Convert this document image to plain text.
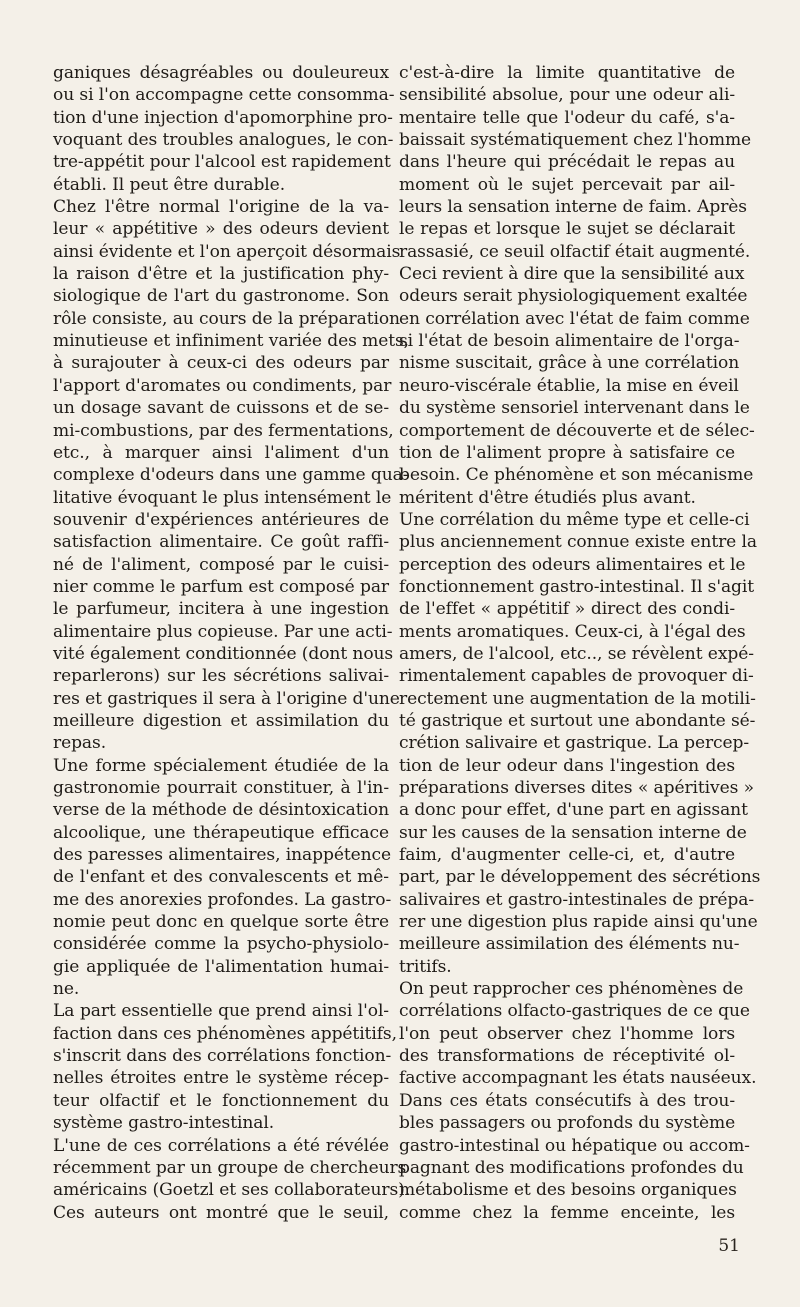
ganiques désagréables ou douleureux
ou si l'on accompagne cette consomma-
tion d'une injection d'apomorphine pro-
voquant des troubles analogues, le con-
tre-appétit pour l'alcool est rapidement
établi. Il peut être durable.
Chez l'être normal l'origine de la va-
leur « appétitive » des odeurs devient
ainsi évidente et l'on aperçoit désormais
la raison d'être et la justification phy-
siologique de l'art du gastronome. Son
rôle consiste, au cours de la préparation
minutieuse et infiniment variée des mets,
à surajouter à ceux-ci des odeurs par
l'apport d'aromates ou condiments, par
un dosage savant de cuissons et de se-
mi-combustions, par des fermentations,
etc., à marquer ainsi l'aliment d'un
complexe d'odeurs dans une gamme qua-
litative évoquant le plus intensément le
souvenir d'expériences antérieures de
satisfaction alimentaire. Ce goût raffi-
né de l'aliment, composé par le cuisi-
nier comme le parfum est composé par
le parfumeur, incitera à une ingestion
alimentaire plus copieuse. Par une acti-
vité également conditionnée (dont nous
reparlerons) sur les sécrétions salivai-
res et gastriques il sera à l'origine d'une
meilleure digestion et assimilation du
repas.
Une forme spécialement étudiée de la
gastronomie pourrait constituer, à l'in-
verse de la méthode de désintoxication
alcoolique, une thérapeutique efficace
des paresses alimentaires, inappétence
de l'enfant et des convalescents et mê-
me des anorexies profondes. La gastro-
nomie peut donc en quelque sorte être
considérée comme la psycho-physiolo-
gie appliquée de l'alimentation humai-
ne.
La part essentielle que prend ainsi l'ol-
faction dans ces phénomènes appétitifs,
s'inscrit dans des corrélations fonction-
nelles étroites entre le système récep-
teur olfactif et le fonctionnement du
système gastro-intestinal.
L'une de ces corrélations a été révélée
récemment par un groupe de chercheurs
américains (Goetzl et ses collaborateurs).
Ces auteurs ont montré que le seuil,
c'est-à-dire la limite quantitative de
sensibilité absolue, pour une odeur ali-
mentaire telle que l'odeur du café, s'a-
baissait systématiquement chez l'homme
dans l'heure qui précédait le repas au
moment où le sujet percevait par ail-
leurs la sensation interne de faim. Après
le repas et lorsque le sujet se déclarait
rassasié, ce seuil olfactif était augmenté.
Ceci revient à dire que la sensibilité aux
odeurs serait physiologiquement exaltée
en corrélation avec l'état de faim comme
si l'état de besoin alimentaire de l'orga-
nisme suscitait, grâce à une corrélation
neuro-viscérale établie, la mise en éveil
du système sensoriel intervenant dans le
comportement de découverte et de sélec-
tion de l'aliment propre à satisfaire ce
besoin. Ce phénomène et son mécanisme
méritent d'être étudiés plus avant.
Une corrélation du même type et celle-ci
plus anciennement connue existe entre la
perception des odeurs alimentaires et le
fonctionnement gastro-intestinal. Il s'agit
de l'effet « appétitif » direct des condi-
ments aromatiques. Ceux-ci, à l'égal des
amers, de l'alcool, etc.., se révèlent expé-
rimentalement capables de provoquer di-
rectement une augmentation de la motili-
té gastrique et surtout une abondante sé-
crétion salivaire et gastrique. La percep-
tion de leur odeur dans l'ingestion des
préparations diverses dites « apéritives »
a donc pour effet, d'une part en agissant
sur les causes de la sensation interne de
faim, d'augmenter celle-ci, et, d'autre
part, par le développement des sécrétions
salivaires et gastro-intestinales de prépa-
rer une digestion plus rapide ainsi qu'une
meilleure assimilation des éléments nu-
tritifs.
On peut rapprocher ces phénomènes de
corrélations olfacto-gastriques de ce que
l'on peut observer chez l'homme lors
des transformations de réceptivité ol-
factive accompagnant les états nauséeux.
Dans ces états consécutifs à des trou-
bles passagers ou profonds du système
gastro-intestinal ou hépatique ou accom-
pagnant des modifications profondes du
métabolisme et des besoins organiques
comme chez la femme enceinte, les
51
